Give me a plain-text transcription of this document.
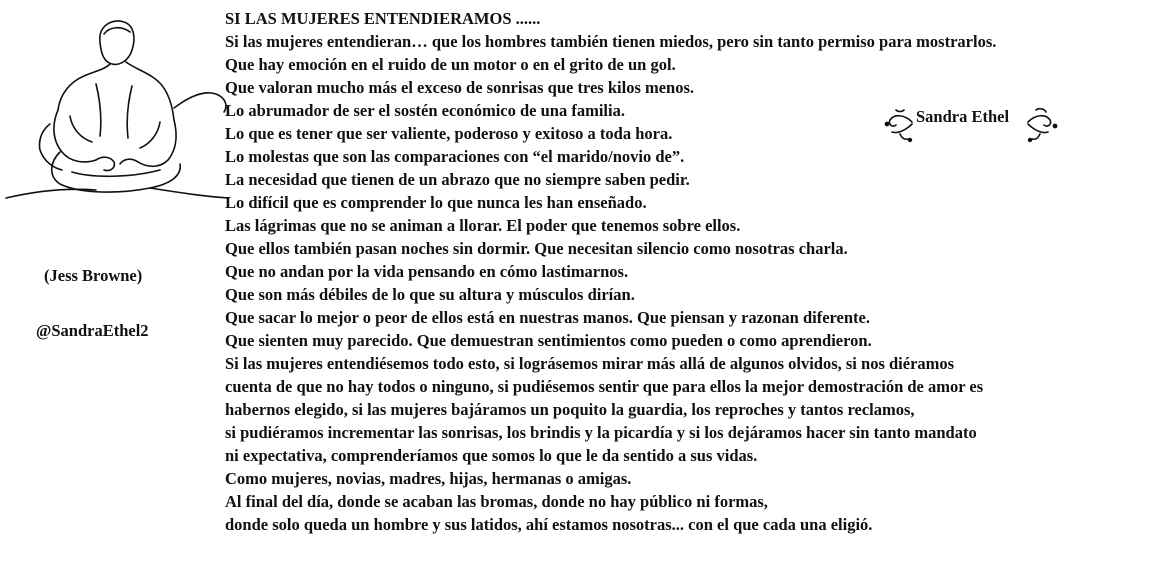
(Jess Browne)
@SandraEthel2
SI LAS MUJERES ENTENDIERAMOS ......
Si las mujeres entendieran… que los hombres también tienen miedos, pero sin tanto permiso para mostrarlos.
Que hay emoción en el ruido de un motor o en el grito de un gol.
Que valoran mucho más el exceso de sonrisas que tres kilos menos.
Lo abrumador de ser el sostén económico de una familia.
Lo que es tener que ser valiente, poderoso y exitoso a toda hora.
Lo molestas que son las comparaciones con “el marido/novio de”.
La necesidad que tienen de un abrazo que no siempre saben pedir.
Lo difícil que es comprender lo que nunca les han enseñado.
Las lágrimas que no se animan a llorar. El poder que tenemos sobre ellos.
Que ellos también pasan noches sin dormir. Que necesitan silencio como nosotras charla.
Que no andan por la vida pensando en cómo lastimarnos.
Que son más débiles de lo que su altura y músculos dirían.
Que sacar lo mejor o peor de ellos está en nuestras manos. Que piensan y razonan diferente.
Que sienten muy parecido. Que demuestran sentimientos como pueden o como aprendieron.
Si las mujeres entendiésemos todo esto, si lográsemos mirar más allá de algunos olvidos, si nos diéramos
cuenta de que no hay todos o ninguno, si pudiésemos sentir que para ellos la mejor demostración de amor es
habernos elegido, si las mujeres bajáramos un poquito la guardia, los reproches y tantos reclamos,
si pudiéramos incrementar las sonrisas, los brindis y la picardía y si los dejáramos hacer sin tanto mandato
ni expectativa, comprenderíamos que somos lo que le da sentido a sus vidas.
Como mujeres, novias, madres, hijas, hermanas o amigas.
Al final del día, donde se acaban las bromas, donde no hay público ni formas,
donde solo queda un hombre y sus latidos, ahí estamos nosotras... con el que cada una eligió.
Sandra Ethel
